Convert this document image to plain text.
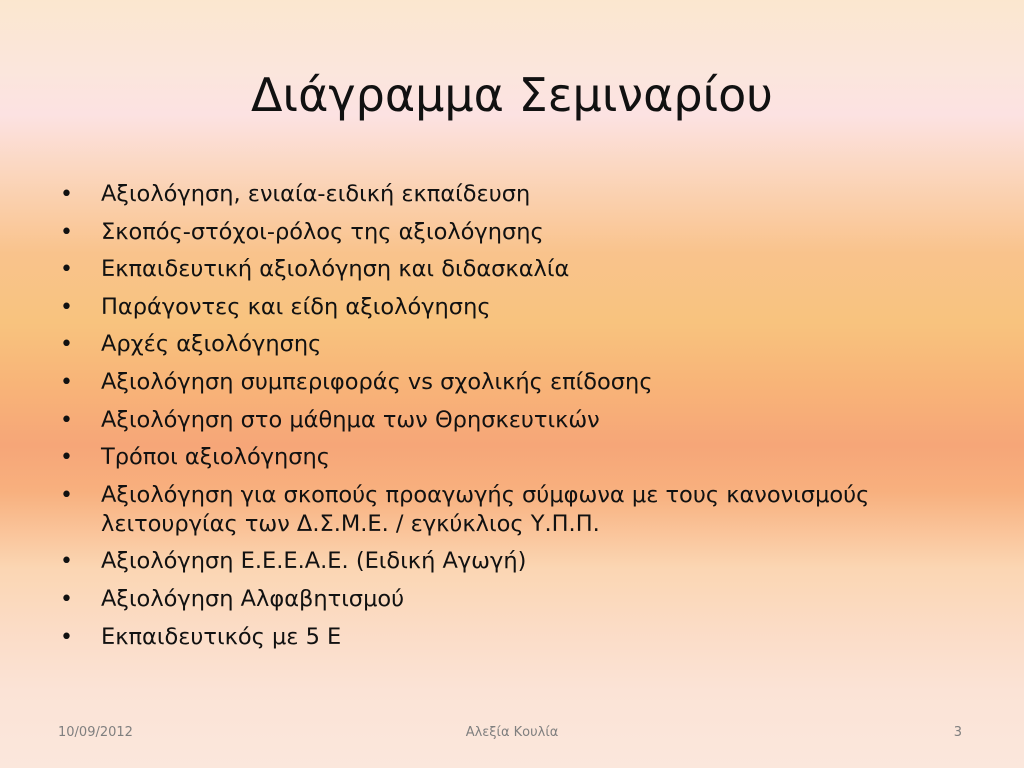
Διάγραμμα Σεμιναρίου
• Αξιολόγηση, ενιαία-ειδική εκπαίδευση
• Σκοπός-στόχοι-ρόλος της αξιολόγησης
• Εκπαιδευτική αξιολόγηση και διδασκαλία
• Παράγοντες και είδη αξιολόγησης
• Αρχές αξιολόγησης
• Αξιολόγηση συμπεριφοράς vs σχολικής επίδοσης
• Αξιολόγηση στο μάθημα των Θρησκευτικών
• Τρόποι αξιολόγησης
• Αξιολόγηση για σκοπούς προαγωγής σύμφωνα με τους κανονισμούς λειτουργίας των Δ.Σ.Μ.Ε. / εγκύκλιος Υ.Π.Π.
• Αξιολόγηση Ε.Ε.Ε.Α.Ε. (Ειδική Αγωγή)
• Αξιολόγηση Αλφαβητισμού
• Εκπαιδευτικός με 5 Ε
10/09/2012	Αλεξία Κουλία	3
